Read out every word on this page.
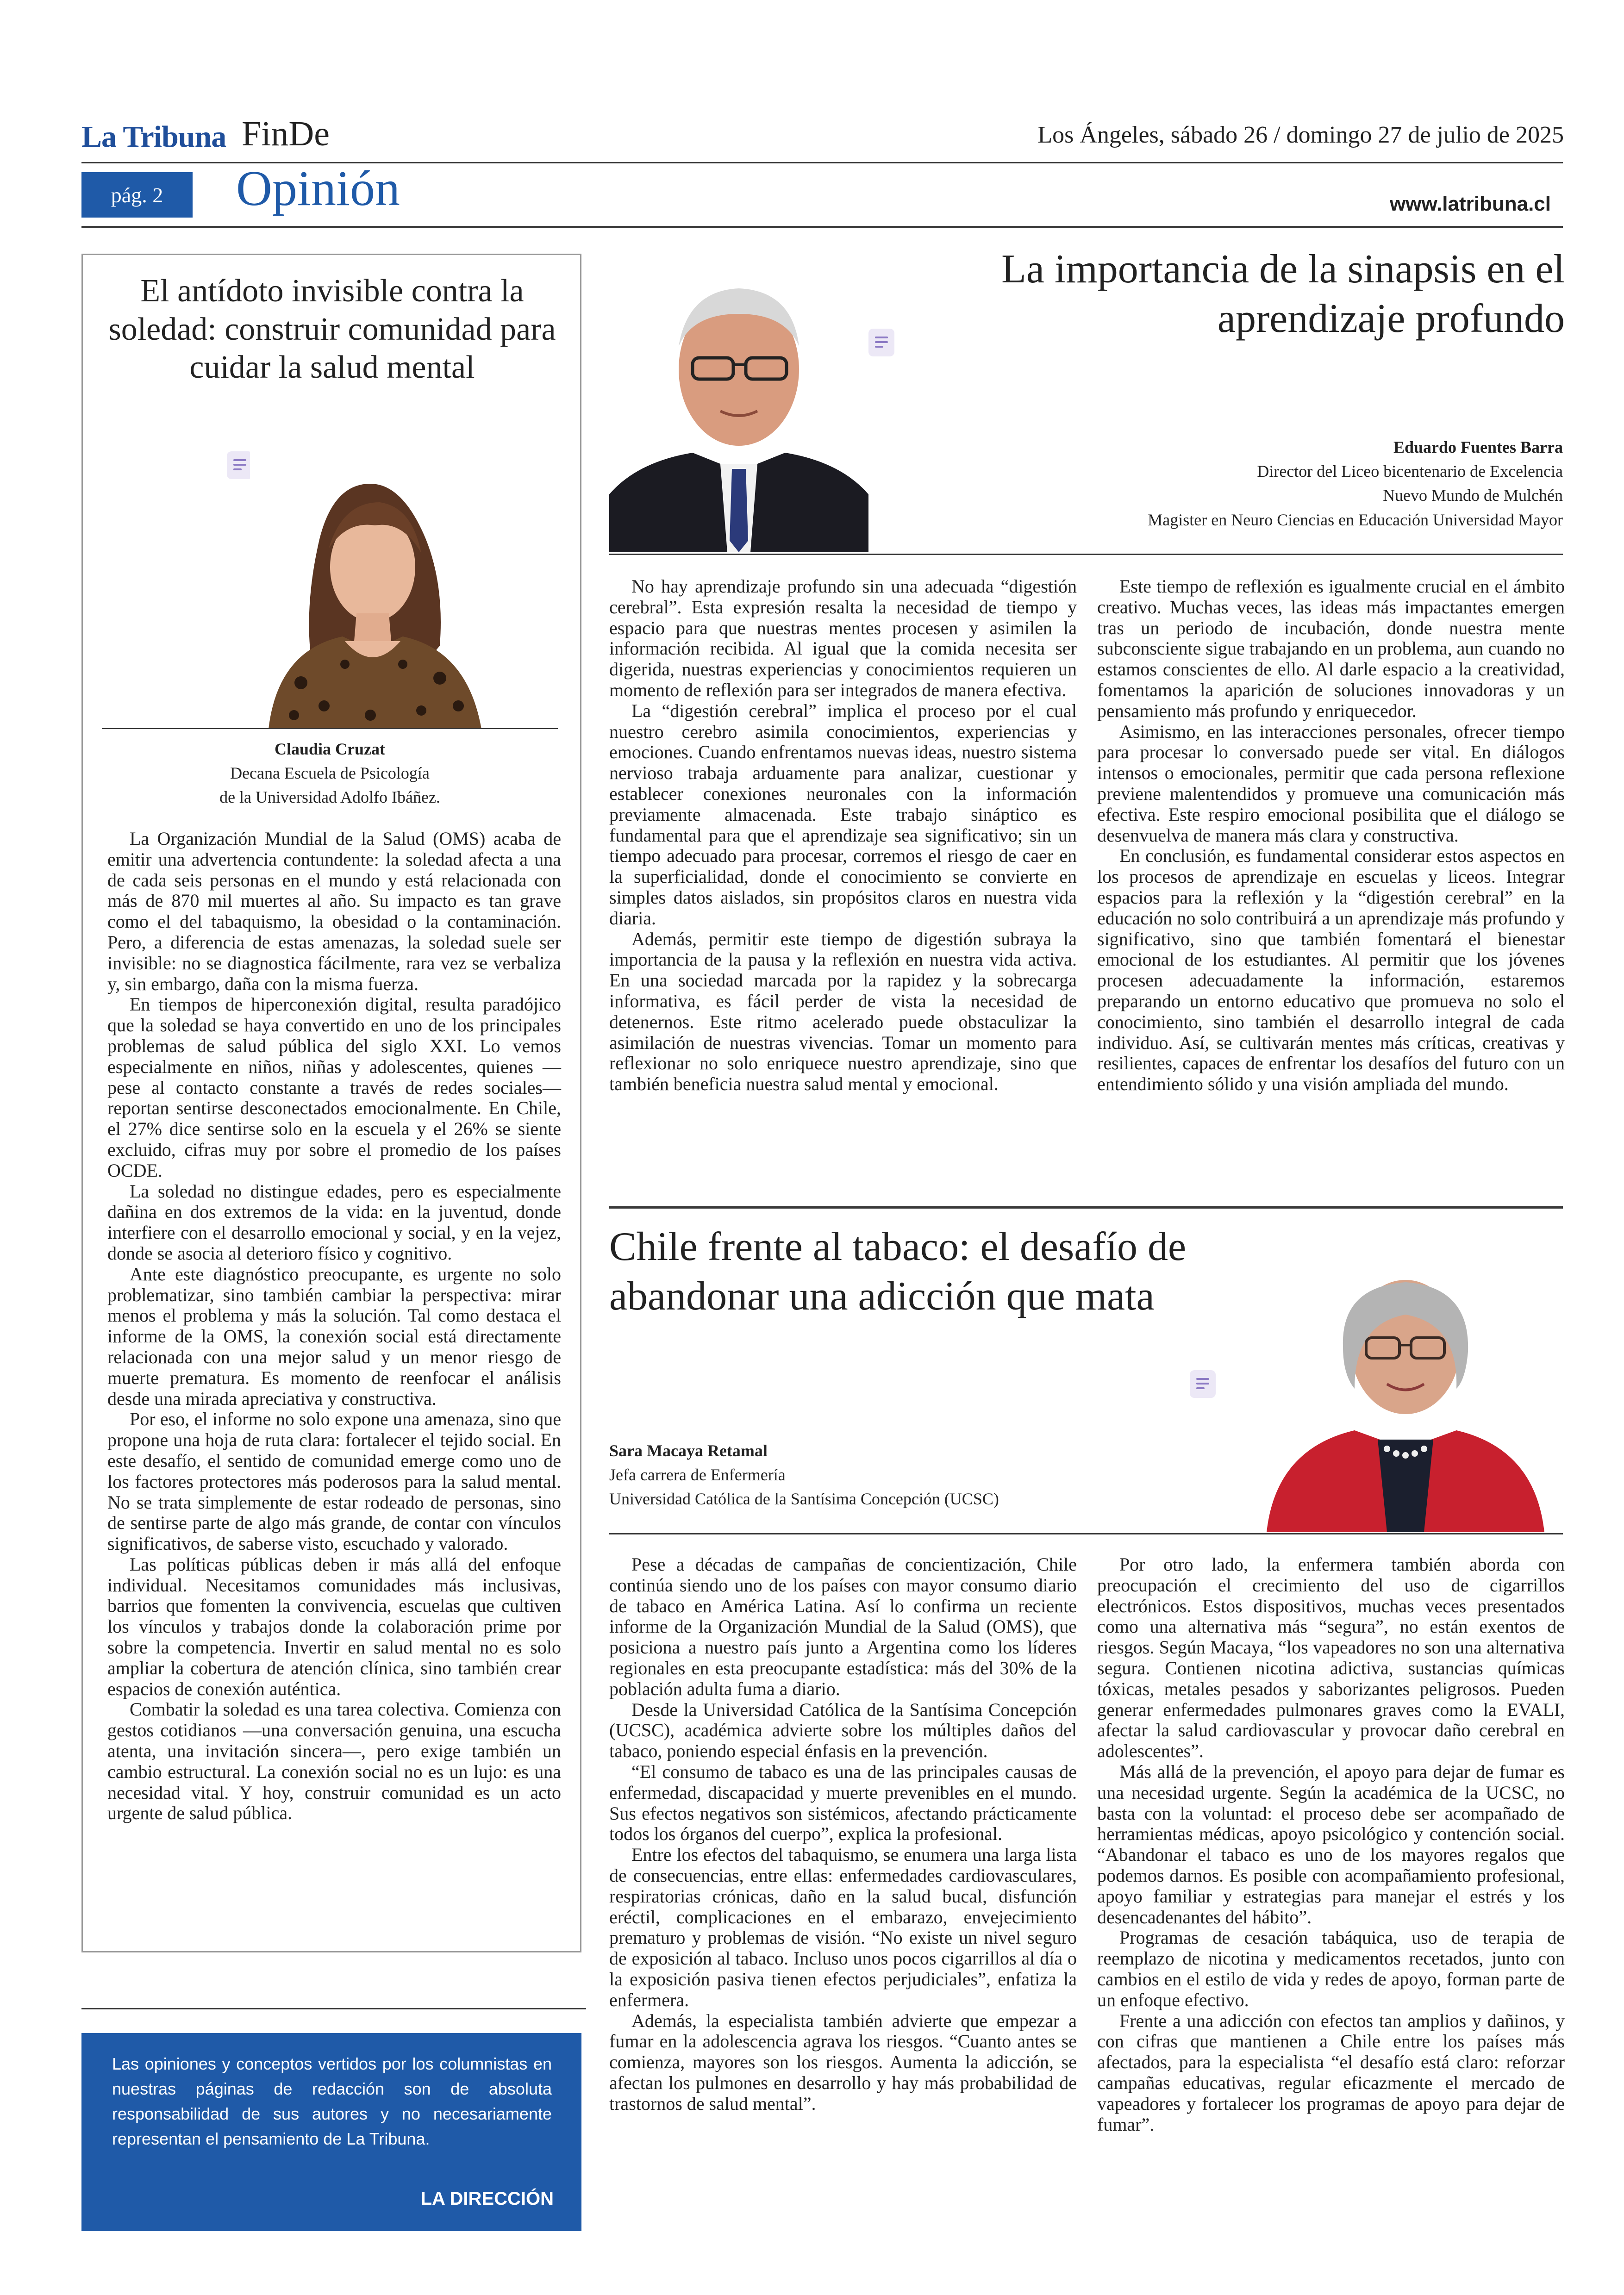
La Tribuna FinDe	Los Ángeles, sábado 26 / domingo 27 de julio de 2025
pág. 2	Opinión	www.latribuna.cl
El antídoto invisible contra la soledad: construir comunidad para cuidar la salud mental
Claudia Cruzat
Decana Escuela de Psicología
de la Universidad Adolfo Ibáñez.

La Organización Mundial de la Salud (OMS) acaba de emitir una advertencia contundente: la soledad afecta a una de cada seis personas en el mundo y está relacionada con más de 870 mil muertes al año. Su impacto es tan grave como el del tabaquismo, la obesidad o la contaminación. Pero, a diferencia de estas amenazas, la soledad suele ser invisible: no se diagnostica fácilmente, rara vez se verbaliza y, sin embargo, daña con la misma fuerza.

En tiempos de hiperconexión digital, resulta paradójico que la soledad se haya convertido en uno de los principales problemas de salud pública del siglo XXI. Lo vemos especialmente en niños, niñas y adolescentes, quienes —pese al contacto constante a través de redes sociales— reportan sentirse desconectados emocionalmente. En Chile, el 27% dice sentirse solo en la escuela y el 26% se siente excluido, cifras muy por sobre el promedio de los países OCDE.

La soledad no distingue edades, pero es especialmente dañina en dos extremos de la vida: en la juventud, donde interfiere con el desarrollo emocional y social, y en la vejez, donde se asocia al deterioro físico y cognitivo.

Ante este diagnóstico preocupante, es urgente no solo problematizar, sino también cambiar la perspectiva: mirar menos el problema y más la solución. Tal como destaca el informe de la OMS, la conexión social está directamente relacionada con una mejor salud y un menor riesgo de muerte prematura. Es momento de reenfocar el análisis desde una mirada apreciativa y constructiva.

Por eso, el informe no solo expone una amenaza, sino que propone una hoja de ruta clara: fortalecer el tejido social. En este desafío, el sentido de comunidad emerge como uno de los factores protectores más poderosos para la salud mental. No se trata simplemente de estar rodeado de personas, sino de sentirse parte de algo más grande, de contar con vínculos significativos, de saberse visto, escuchado y valorado.

Las políticas públicas deben ir más allá del enfoque individual. Necesitamos comunidades más inclusivas, barrios que fomenten la convivencia, escuelas que cultiven los vínculos y trabajos donde la colaboración prime por sobre la competencia. Invertir en salud mental no es solo ampliar la cobertura de atención clínica, sino también crear espacios de conexión auténtica.

Combatir la soledad es una tarea colectiva. Comienza con gestos cotidianos —una conversación genuina, una escucha atenta, una invitación sincera—, pero exige también un cambio estructural. La conexión social no es un lujo: es una necesidad vital. Y hoy, construir comunidad es un acto urgente de salud pública.

Las opiniones y conceptos vertidos por los columnistas en nuestras páginas de redacción son de absoluta responsabilidad de sus autores y no necesariamente representan el pensamiento de La Tribuna.
LA DIRECCIÓN
La importancia de la sinapsis en el aprendizaje profundo
Eduardo Fuentes Barra
Director del Liceo bicentenario de Excelencia
Nuevo Mundo de Mulchén
Magister en Neuro Ciencias en Educación Universidad Mayor

No hay aprendizaje profundo sin una adecuada “digestión cerebral”. Esta expresión resalta la necesidad de tiempo y espacio para que nuestras mentes procesen y asimilen la información recibida. Al igual que la comida necesita ser digerida, nuestras experiencias y conocimientos requieren un momento de reflexión para ser integrados de manera efectiva.

La “digestión cerebral” implica el proceso por el cual nuestro cerebro asimila conocimientos, experiencias y emociones. Cuando enfrentamos nuevas ideas, nuestro sistema nervioso trabaja arduamente para analizar, cuestionar y establecer conexiones neuronales con la información previamente almacenada. Este trabajo sináptico es fundamental para que el aprendizaje sea significativo; sin un tiempo adecuado para procesar, corremos el riesgo de caer en la superficialidad, donde el conocimiento se convierte en simples datos aislados, sin propósitos claros en nuestra vida diaria.

Además, permitir este tiempo de digestión subraya la importancia de la pausa y la reflexión en nuestra vida activa. En una sociedad marcada por la rapidez y la sobrecarga informativa, es fácil perder de vista la necesidad de detenernos. Este ritmo acelerado puede obstaculizar la asimilación de nuestras vivencias. Tomar un momento para reflexionar no solo enriquece nuestro aprendizaje, sino que también beneficia nuestra salud mental y emocional.

Este tiempo de reflexión es igualmente crucial en el ámbito creativo. Muchas veces, las ideas más impactantes emergen tras un periodo de incubación, donde nuestra mente subconsciente sigue trabajando en un problema, aun cuando no estamos conscientes de ello. Al darle espacio a la creatividad, fomentamos la aparición de soluciones innovadoras y un pensamiento más profundo y enriquecedor.

Asimismo, en las interacciones personales, ofrecer tiempo para procesar lo conversado puede ser vital. En diálogos intensos o emocionales, permitir que cada persona reflexione previene malentendidos y promueve una comunicación más efectiva. Este respiro emocional posibilita que el diálogo se desenvuelva de manera más clara y constructiva.

En conclusión, es fundamental considerar estos aspectos en los procesos de aprendizaje en escuelas y liceos. Integrar espacios para la reflexión y la “digestión cerebral” en la educación no solo contribuirá a un aprendizaje más profundo y significativo, sino que también fomentará el bienestar emocional de los estudiantes. Al permitir que los jóvenes procesen adecuadamente la información, estaremos preparando un entorno educativo que promueva no solo el conocimiento, sino también el desarrollo integral de cada individuo. Así, se cultivarán mentes más críticas, creativas y resilientes, capaces de enfrentar los desafíos del futuro con un entendimiento sólido y una visión ampliada del mundo.

Chile frente al tabaco: el desafío de abandonar una adicción que mata
Sara Macaya Retamal
Jefa carrera de Enfermería
Universidad Católica de la Santísima Concepción (UCSC)

Pese a décadas de campañas de concientización, Chile continúa siendo uno de los países con mayor consumo diario de tabaco en América Latina. Así lo confirma un reciente informe de la Organización Mundial de la Salud (OMS), que posiciona a nuestro país junto a Argentina como los líderes regionales en esta preocupante estadística: más del 30% de la población adulta fuma a diario.

Desde la Universidad Católica de la Santísima Concepción (UCSC), académica advierte sobre los múltiples daños del tabaco, poniendo especial énfasis en la prevención.

“El consumo de tabaco es una de las principales causas de enfermedad, discapacidad y muerte prevenibles en el mundo. Sus efectos negativos son sistémicos, afectando prácticamente todos los órganos del cuerpo”, explica la profesional.

Entre los efectos del tabaquismo, se enumera una larga lista de consecuencias, entre ellas: enfermedades cardiovasculares, respiratorias crónicas, daño en la salud bucal, disfunción eréctil, complicaciones en el embarazo, envejecimiento prematuro y problemas de visión. “No existe un nivel seguro de exposición al tabaco. Incluso unos pocos cigarrillos al día o la exposición pasiva tienen efectos perjudiciales”, enfatiza la enfermera.

Además, la especialista también advierte que empezar a fumar en la adolescencia agrava los riesgos. “Cuanto antes se comienza, mayores son los riesgos. Aumenta la adicción, se afectan los pulmones en desarrollo y hay más probabilidad de trastornos de salud mental”.

Por otro lado, la enfermera también aborda con preocupación el crecimiento del uso de cigarrillos electrónicos. Estos dispositivos, muchas veces presentados como una alternativa más “segura”, no están exentos de riesgos. Según Macaya, “los vapeadores no son una alternativa segura. Contienen nicotina adictiva, sustancias químicas tóxicas, metales pesados y saborizantes peligrosos. Pueden generar enfermedades pulmonares graves como la EVALI, afectar la salud cardiovascular y provocar daño cerebral en adolescentes”.

Más allá de la prevención, el apoyo para dejar de fumar es una necesidad urgente. Según la académica de la UCSC, no basta con la voluntad: el proceso debe ser acompañado de herramientas médicas, apoyo psicológico y contención social. “Abandonar el tabaco es uno de los mayores regalos que podemos darnos. Es posible con acompañamiento profesional, apoyo familiar y estrategias para manejar el estrés y los desencadenantes del hábito”.

Programas de cesación tabáquica, uso de terapia de reemplazo de nicotina y medicamentos recetados, junto con cambios en el estilo de vida y redes de apoyo, forman parte de un enfoque efectivo.

Frente a una adicción con efectos tan amplios y dañinos, y con cifras que mantienen a Chile entre los países más afectados, para la especialista “el desafío está claro: reforzar campañas educativas, regular eficazmente el mercado de vapeadores y fortalecer los programas de apoyo para dejar de fumar”.
